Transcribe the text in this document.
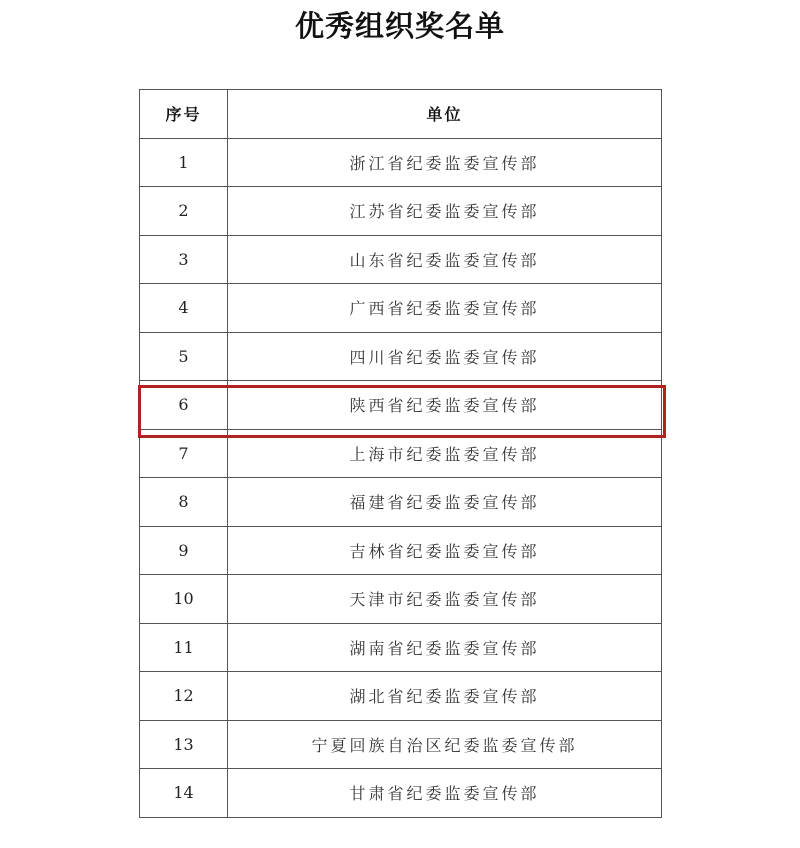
优秀组织奖名单
序号	单位
1	浙江省纪委监委宣传部
2	江苏省纪委监委宣传部
3	山东省纪委监委宣传部
4	广西省纪委监委宣传部
5	四川省纪委监委宣传部
6	陕西省纪委监委宣传部
7	上海市纪委监委宣传部
8	福建省纪委监委宣传部
9	吉林省纪委监委宣传部
10	天津市纪委监委宣传部
11	湖南省纪委监委宣传部
12	湖北省纪委监委宣传部
13	宁夏回族自治区纪委监委宣传部
14	甘肃省纪委监委宣传部
